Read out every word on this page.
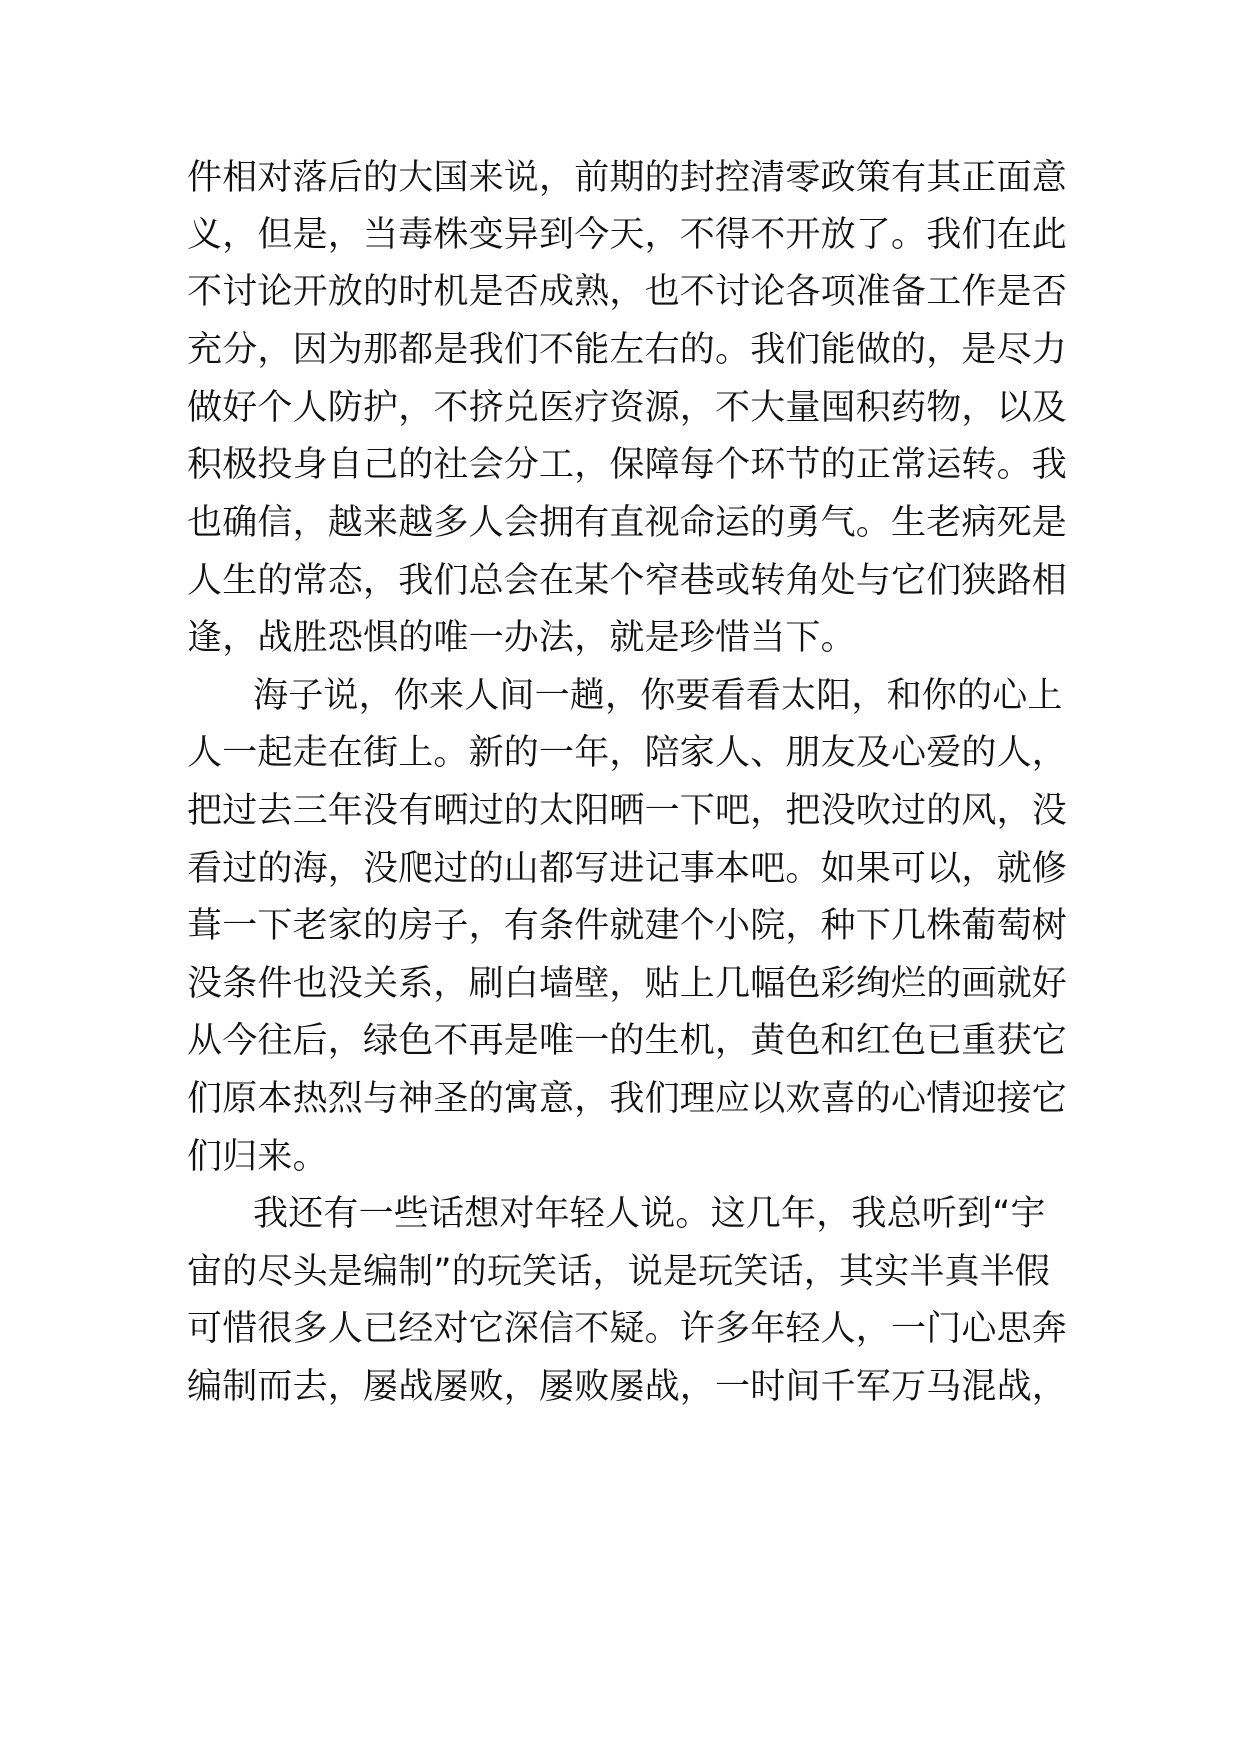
件相对落后的大国来说，前期的封控清零政策有其正面意
义，但是，当毒株变异到今天，不得不开放了。我们在此
不讨论开放的时机是否成熟，也不讨论各项准备工作是否
充分，因为那都是我们不能左右的。我们能做的，是尽力
做好个人防护，不挤兑医疗资源，不大量囤积药物，以及
积极投身自己的社会分工，保障每个环节的正常运转。我
也确信，越来越多人会拥有直视命运的勇气。生老病死是
人生的常态，我们总会在某个窄巷或转角处与它们狭路相
逢，战胜恐惧的唯一办法，就是珍惜当下。
海子说，你来人间一趟，你要看看太阳，和你的心上
人一起走在街上。新的一年，陪家人、朋友及心爱的人，
把过去三年没有晒过的太阳晒一下吧，把没吹过的风，没
看过的海，没爬过的山都写进记事本吧。如果可以，就修
葺一下老家的房子，有条件就建个小院，种下几株葡萄树
没条件也没关系，刷白墙壁，贴上几幅色彩绚烂的画就好
从今往后，绿色不再是唯一的生机，黄色和红色已重获它
们原本热烈与神圣的寓意，我们理应以欢喜的心情迎接它
们归来。
我还有一些话想对年轻人说。这几年，我总听到“宇
宙的尽头是编制”的玩笑话，说是玩笑话，其实半真半假
可惜很多人已经对它深信不疑。许多年轻人，一门心思奔
编制而去，屡战屡败，屡败屡战，一时间千军万马混战，
